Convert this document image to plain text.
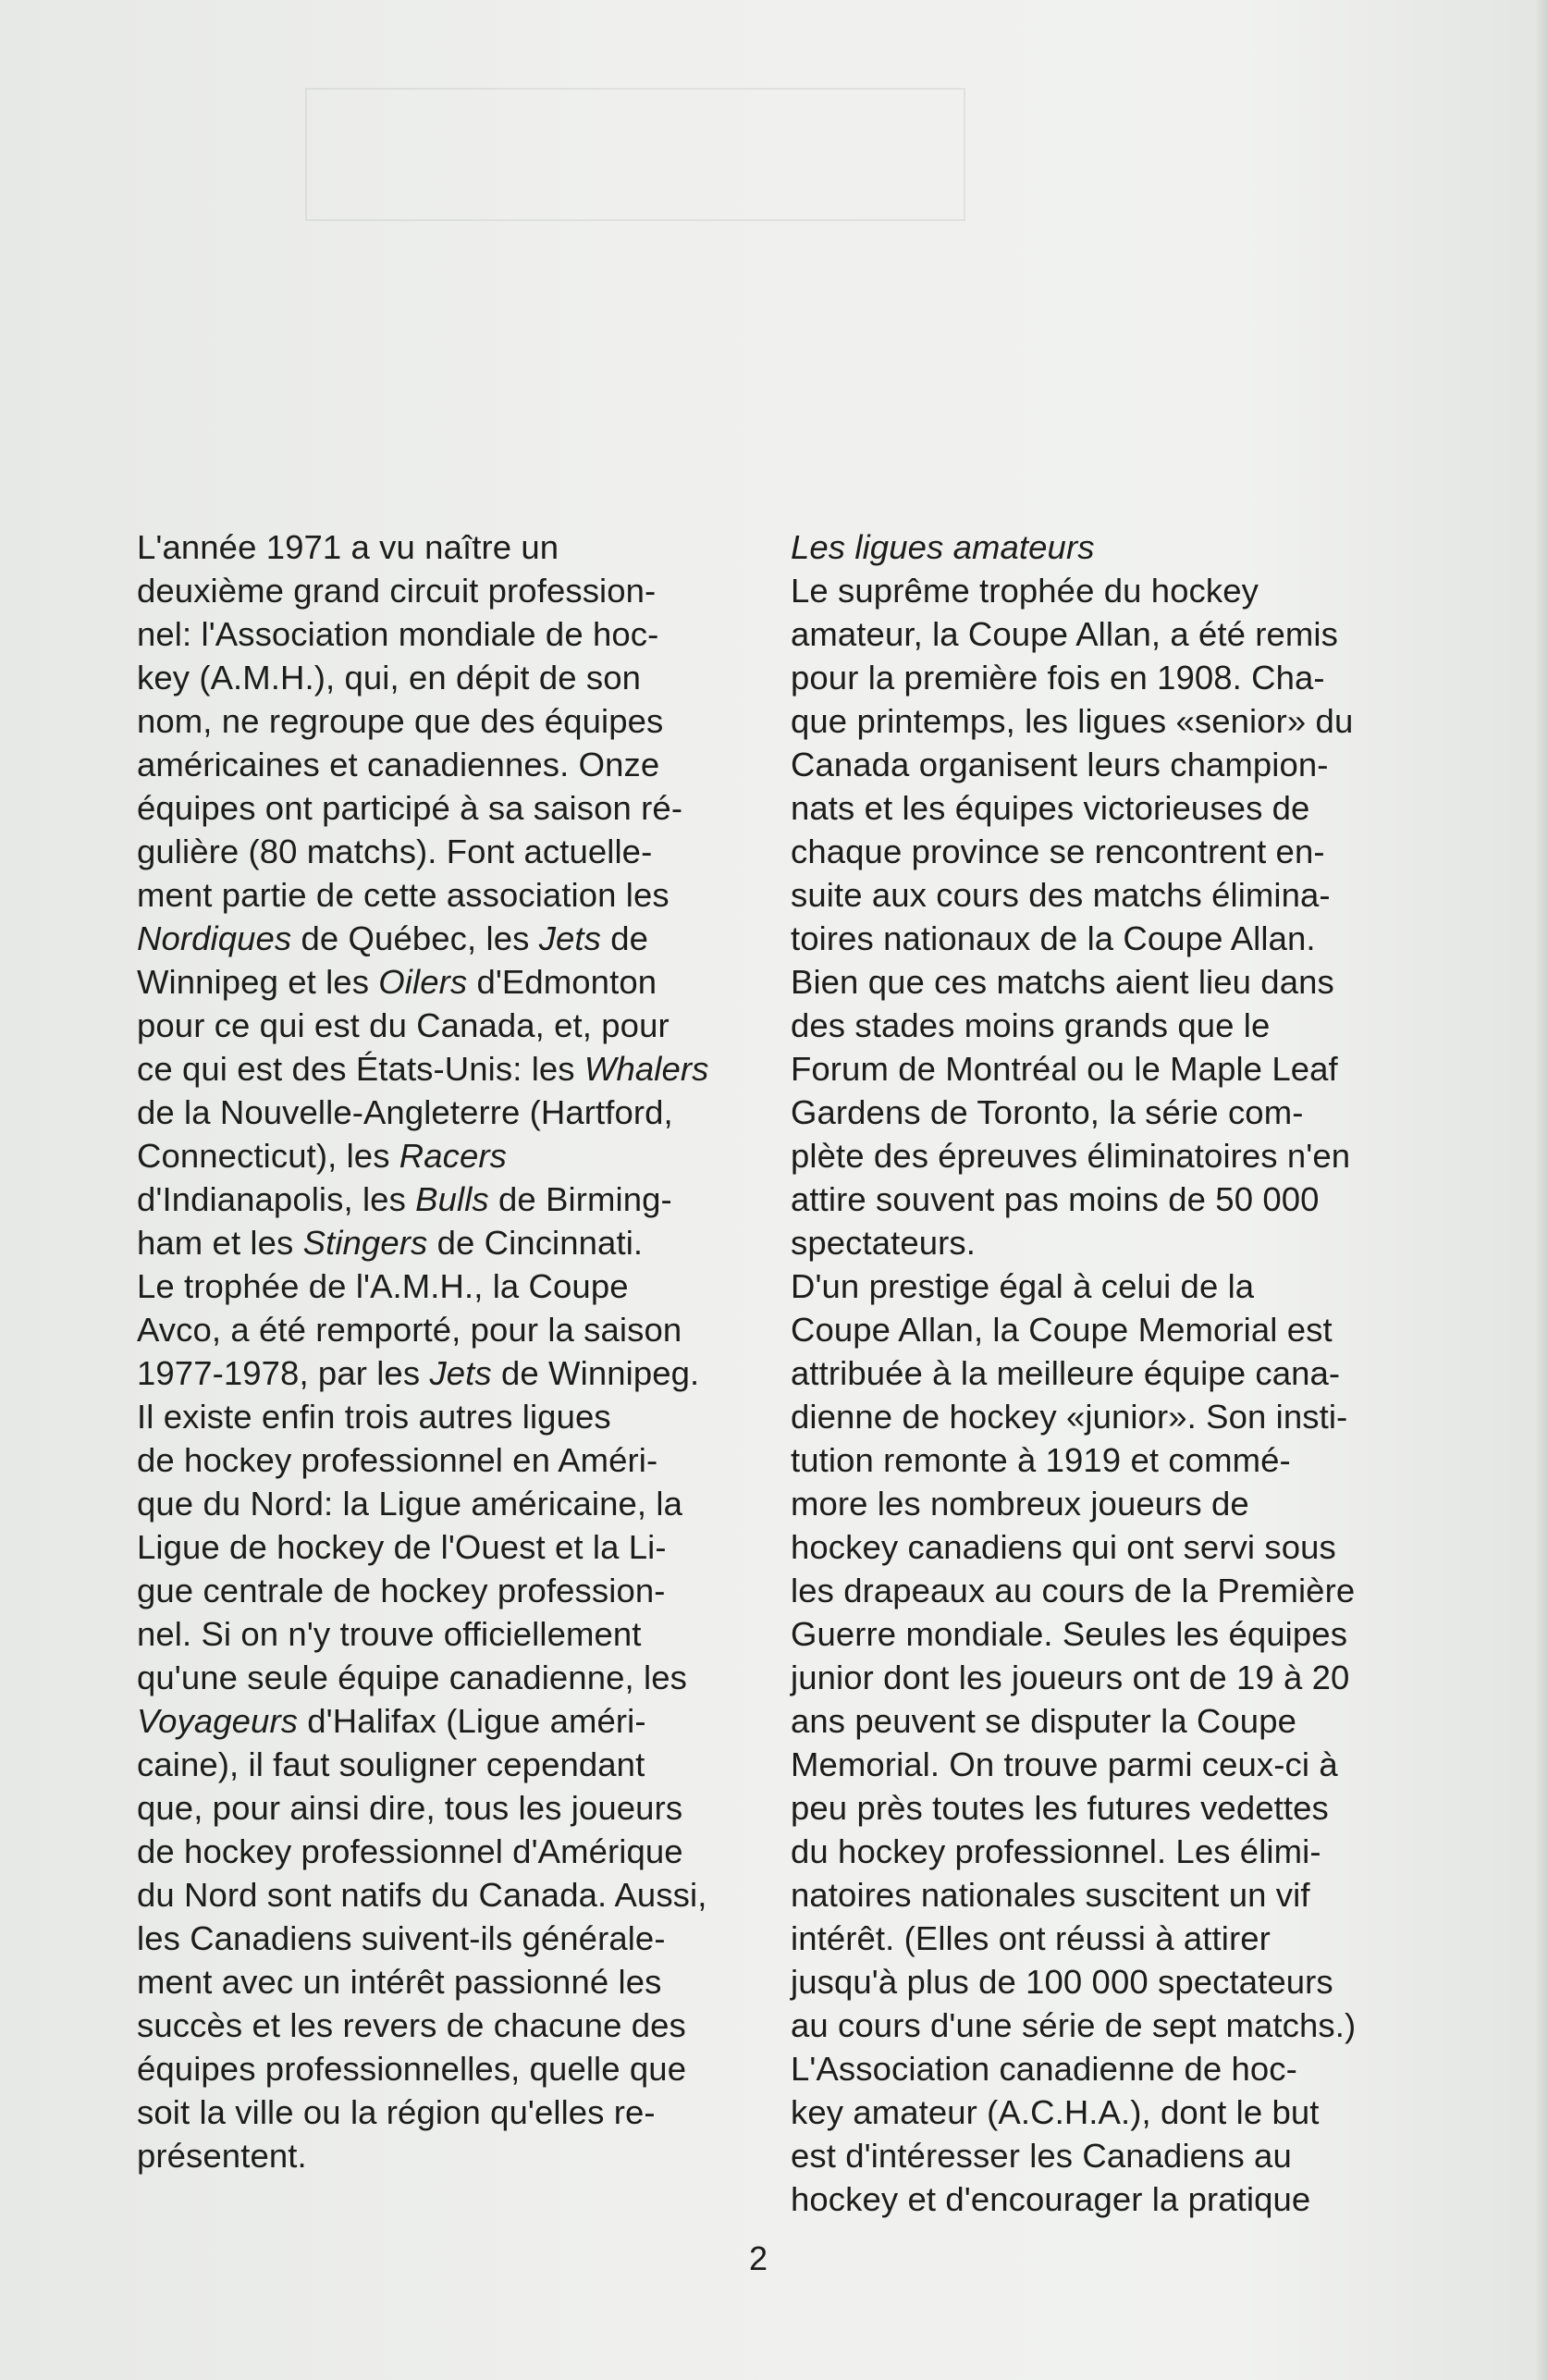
L'année 1971 a vu naître un
deuxième grand circuit profession-
nel: l'Association mondiale de hoc-
key (A.M.H.), qui, en dépit de son
nom, ne regroupe que des équipes
américaines et canadiennes. Onze
équipes ont participé à sa saison ré-
gulière (80 matchs). Font actuelle-
ment partie de cette association les
Nordiques de Québec, les Jets de
Winnipeg et les Oilers d'Edmonton
pour ce qui est du Canada, et, pour
ce qui est des États-Unis: les Whalers
de la Nouvelle-Angleterre (Hartford,
Connecticut), les Racers
d'Indianapolis, les Bulls de Birming-
ham et les Stingers de Cincinnati.
Le trophée de l'A.M.H., la Coupe
Avco, a été remporté, pour la saison
1977-1978, par les Jets de Winnipeg.
Il existe enfin trois autres ligues
de hockey professionnel en Améri-
que du Nord: la Ligue américaine, la
Ligue de hockey de l'Ouest et la Li-
gue centrale de hockey profession-
nel. Si on n'y trouve officiellement
qu'une seule équipe canadienne, les
Voyageurs d'Halifax (Ligue améri-
caine), il faut souligner cependant
que, pour ainsi dire, tous les joueurs
de hockey professionnel d'Amérique
du Nord sont natifs du Canada. Aussi,
les Canadiens suivent-ils générale-
ment avec un intérêt passionné les
succès et les revers de chacune des
équipes professionnelles, quelle que
soit la ville ou la région qu'elles re-
présentent.
Les ligues amateurs
Le suprême trophée du hockey
amateur, la Coupe Allan, a été remis
pour la première fois en 1908. Cha-
que printemps, les ligues «senior» du
Canada organisent leurs champion-
nats et les équipes victorieuses de
chaque province se rencontrent en-
suite aux cours des matchs élimina-
toires nationaux de la Coupe Allan.
Bien que ces matchs aient lieu dans
des stades moins grands que le
Forum de Montréal ou le Maple Leaf
Gardens de Toronto, la série com-
plète des épreuves éliminatoires n'en
attire souvent pas moins de 50 000
spectateurs.
D'un prestige égal à celui de la
Coupe Allan, la Coupe Memorial est
attribuée à la meilleure équipe cana-
dienne de hockey «junior». Son insti-
tution remonte à 1919 et commé-
more les nombreux joueurs de
hockey canadiens qui ont servi sous
les drapeaux au cours de la Première
Guerre mondiale. Seules les équipes
junior dont les joueurs ont de 19 à 20
ans peuvent se disputer la Coupe
Memorial. On trouve parmi ceux-ci à
peu près toutes les futures vedettes
du hockey professionnel. Les élimi-
natoires nationales suscitent un vif
intérêt. (Elles ont réussi à attirer
jusqu'à plus de 100 000 spectateurs
au cours d'une série de sept matchs.)
L'Association canadienne de hoc-
key amateur (A.C.H.A.), dont le but
est d'intéresser les Canadiens au
hockey et d'encourager la pratique
2
